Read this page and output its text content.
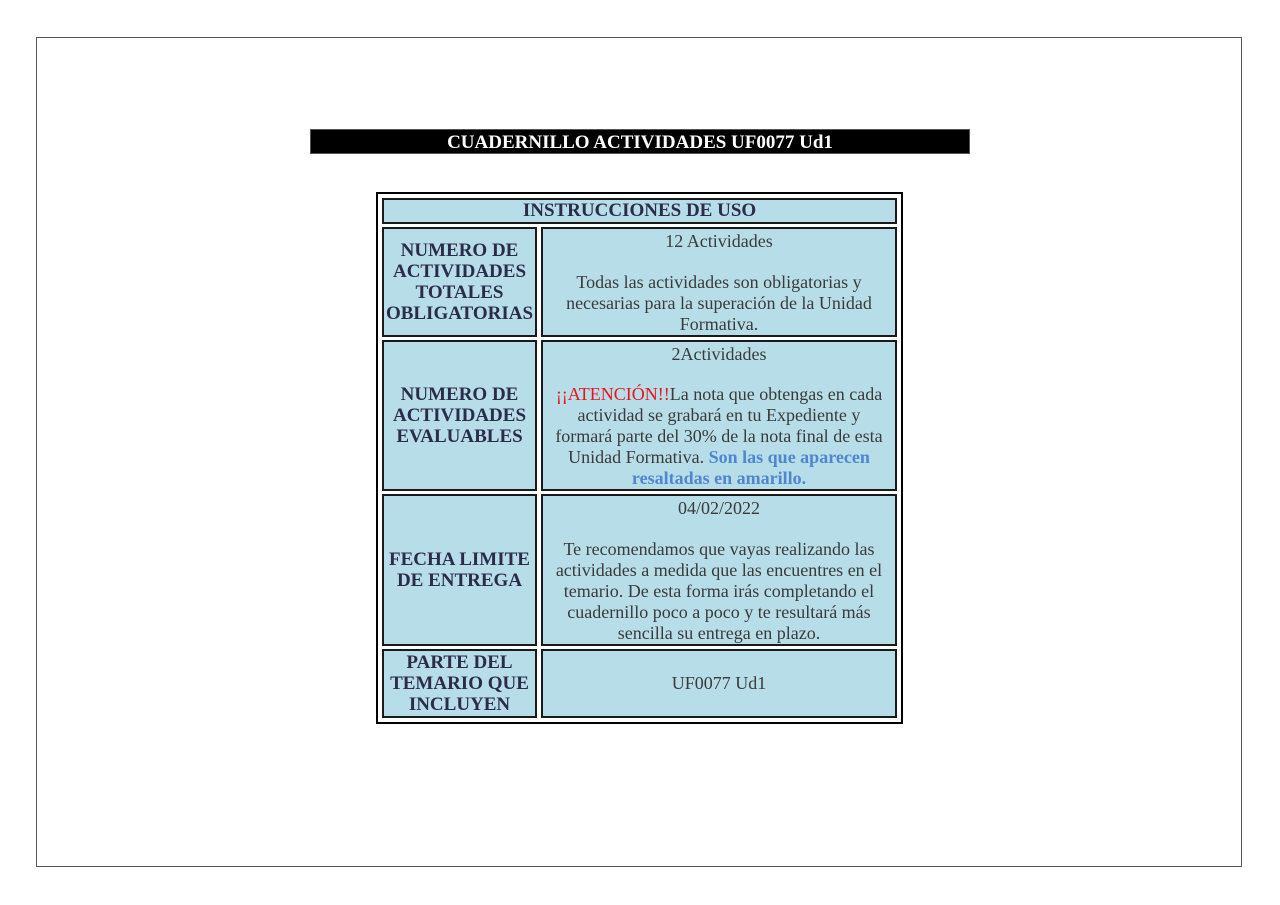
CUADERNILLO ACTIVIDADES UF0077 Ud1
INSTRUCCIONES DE USO
NUMERO DE ACTIVIDADES TOTALES OBLIGATORIAS
12 Actividades
Todas las actividades son obligatorias y necesarias para la superación de la Unidad Formativa.
NUMERO DE ACTIVIDADES EVALUABLES
2Actividades
¡¡ATENCIÓN!!La nota que obtengas en cada actividad se grabará en tu Expediente y formará parte del 30% de la nota final de esta Unidad Formativa. Son las que aparecen resaltadas en amarillo.
FECHA LIMITE DE ENTREGA
04/02/2022
Te recomendamos que vayas realizando las actividades a medida que las encuentres en el temario. De esta forma irás completando el cuadernillo poco a poco y te resultará más sencilla su entrega en plazo.
PARTE DEL TEMARIO QUE INCLUYEN
UF0077 Ud1
